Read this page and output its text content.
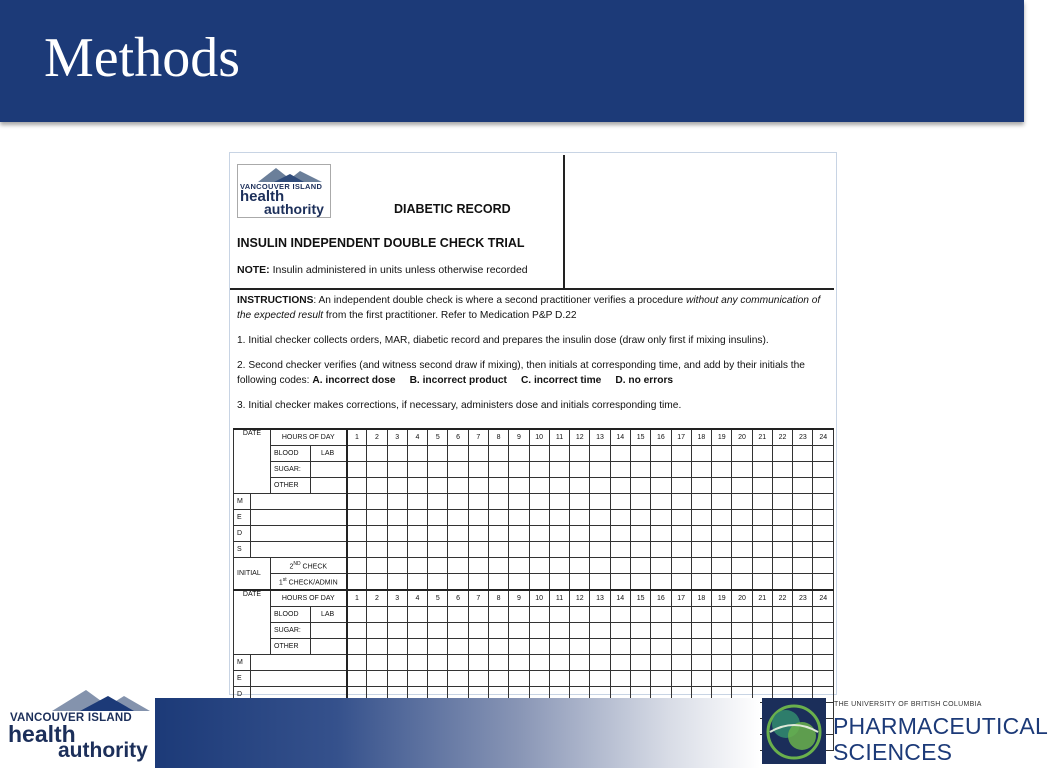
Methods
VANCOUVER ISLAND
health
authority	DIABETIC RECORD
INSULIN INDEPENDENT DOUBLE CHECK TRIAL
NOTE: Insulin administered in units unless otherwise recorded

INSTRUCTIONS: An independent double check is where a second practitioner verifies a procedure without any communication of the expected result from the first practitioner. Refer to Medication P&P D.22

1. Initial checker collects orders, MAR, diabetic record and prepares the insulin dose (draw only first if mixing insulins).

2. Second checker verifies (and witness second draw if mixing), then initials at corresponding time, and add by their initials the following codes: A. incorrect dose B. incorrect product C. incorrect time D. no errors

3. Initial checker makes corrections, if necessary, administers dose and initials corresponding time.

DATE		HOURS OF DAY		1	2	3	4	5	6	7	8	9	10	11	12	13	14	15	16	17	18	19	20	21	22	23	24
		BLOOD	LAB																								
		SUGAR:																									
		OTHER																									
M																											
E																											
D																											
S																											
INITIAL		2ND CHECK																									
		1st CHECK/ADMIN																									
DATE		HOURS OF DAY		1	2	3	4	5	6	7	8	9	10	11	12	13	14	15	16	17	18	19	20	21	22	23	24
		BLOOD	LAB																								
		SUGAR:																									
		OTHER																									
M																											
E																											
D																											

VANCOUVER ISLAND
health
authority
THE UNIVERSITY OF BRITISH COLUMBIA
PHARMACEUTICAL
SCIENCES
